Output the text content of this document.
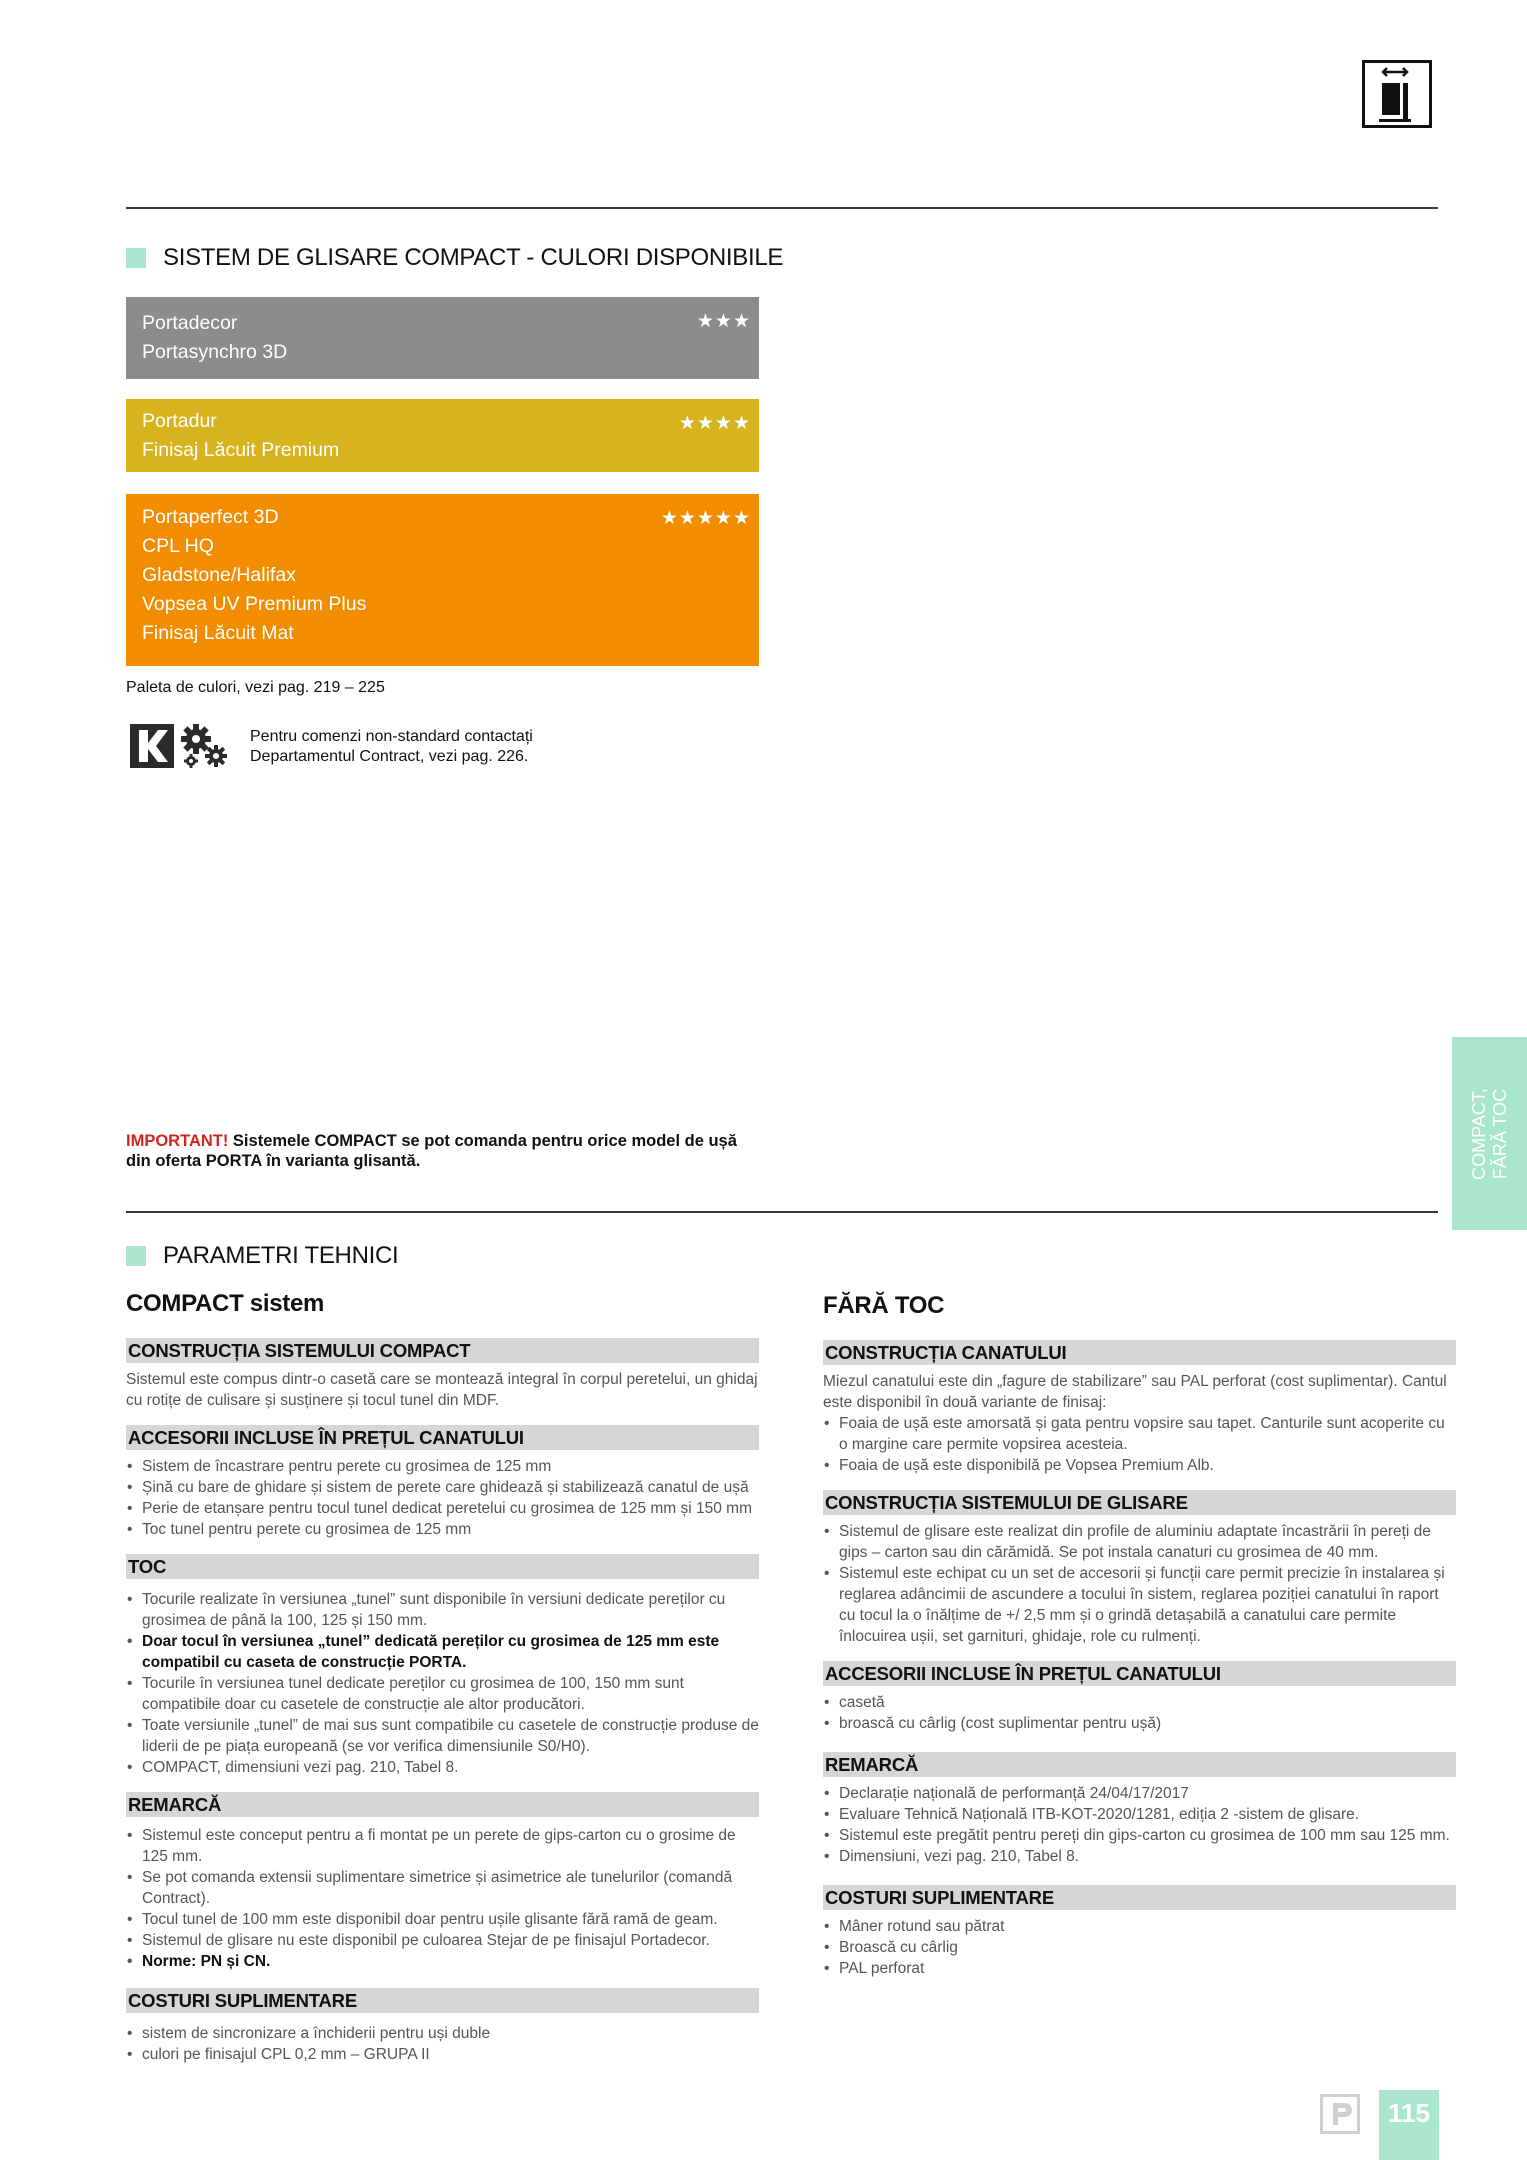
SISTEM DE GLISARE COMPACT - CULORI DISPONIBILE
Portadecor
Portasynchro 3D
★★★
Portadur
Finisaj Lăcuit Premium
★★★★
Portaperfect 3D
CPL HQ
Gladstone/Halifax
Vopsea UV Premium Plus
Finisaj Lăcuit Mat
★★★★★
Paleta de culori, vezi pag. 219 – 225
Pentru comenzi non-standard contactați
Departamentul Contract, vezi pag. 226.
IMPORTANT! Sistemele COMPACT se pot comanda pentru orice model de ușă din oferta PORTA în varianta glisantă.	COMPACT,
FĂRĂ TOC
PARAMETRI TEHNICI
COMPACT sistem
CONSTRUCȚIA SISTEMULUI COMPACT
Sistemul este compus dintr-o casetă care se montează integral în corpul peretelui, un ghidaj cu rotițe de culisare și susținere și tocul tunel din MDF.
ACCESORII INCLUSE ÎN PREȚUL CANATULUI
• Sistem de încastrare pentru perete cu grosimea de 125 mm
• Șină cu bare de ghidare și sistem de perete care ghidează și stabilizează canatul de ușă
• Perie de etanșare pentru tocul tunel dedicat peretelui cu grosimea de 125 mm și 150 mm
• Toc tunel pentru perete cu grosimea de 125 mm
TOC
• Tocurile realizate în versiunea „tunel” sunt disponibile în versiuni dedicate pereților cu grosimea de până la 100, 125 și 150 mm.
• Doar tocul în versiunea „tunel” dedicată pereților cu grosimea de 125 mm este compatibil cu caseta de construcție PORTA.
• Tocurile în versiunea tunel dedicate pereților cu grosimea de 100, 150 mm sunt compatibile doar cu casetele de construcție ale altor producători.
• Toate versiunile „tunel” de mai sus sunt compatibile cu casetele de construcție produse de liderii de pe piața europeană (se vor verifica dimensiunile S0/H0).
• COMPACT, dimensiuni vezi pag. 210, Tabel 8.
REMARCĂ
• Sistemul este conceput pentru a fi montat pe un perete de gips-carton cu o grosime de 125 mm.
• Se pot comanda extensii suplimentare simetrice și asimetrice ale tunelurilor (comandă Contract).
• Tocul tunel de 100 mm este disponibil doar pentru ușile glisante fără ramă de geam.
• Sistemul de glisare nu este disponibil pe culoarea Stejar de pe finisajul Portadecor.
• Norme: PN și CN.
COSTURI SUPLIMENTARE
• sistem de sincronizare a închiderii pentru uși duble
• culori pe finisajul CPL 0,2 mm – GRUPA II
FĂRĂ TOC
CONSTRUCȚIA CANATULUI
Miezul canatului este din „fagure de stabilizare” sau PAL perforat (cost suplimentar). Cantul este disponibil în două variante de finisaj:
• Foaia de ușă este amorsată și gata pentru vopsire sau tapet. Canturile sunt acoperite cu o margine care permite vopsirea acesteia.
• Foaia de ușă este disponibilă pe Vopsea Premium Alb.
CONSTRUCȚIA SISTEMULUI DE GLISARE
• Sistemul de glisare este realizat din profile de aluminiu adaptate încastrării în pereți de gips – carton sau din cărămidă. Se pot instala canaturi cu grosimea de 40 mm.
• Sistemul este echipat cu un set de accesorii și funcții care permit precizie în instalarea și reglarea adâncimii de ascundere a tocului în sistem, reglarea poziției canatului în raport cu tocul la o înălțime de +/ 2,5 mm și o grindă detașabilă a canatului care permite înlocuirea ușii, set garnituri, ghidaje, role cu rulmenți.
ACCESORII INCLUSE ÎN PREȚUL CANATULUI
• casetă
• broască cu cârlig (cost suplimentar pentru ușă)
REMARCĂ
• Declarație națională de performanță 24/04/17/2017
• Evaluare Tehnică Națională ITB-KOT-2020/1281, ediția 2 -sistem de glisare.
• Sistemul este pregătit pentru pereți din gips-carton cu grosimea de 100 mm sau 125 mm.
• Dimensiuni, vezi pag. 210, Tabel 8.
COSTURI SUPLIMENTARE
• Mâner rotund sau pătrat
• Broască cu cârlig
• PAL perforat
115
